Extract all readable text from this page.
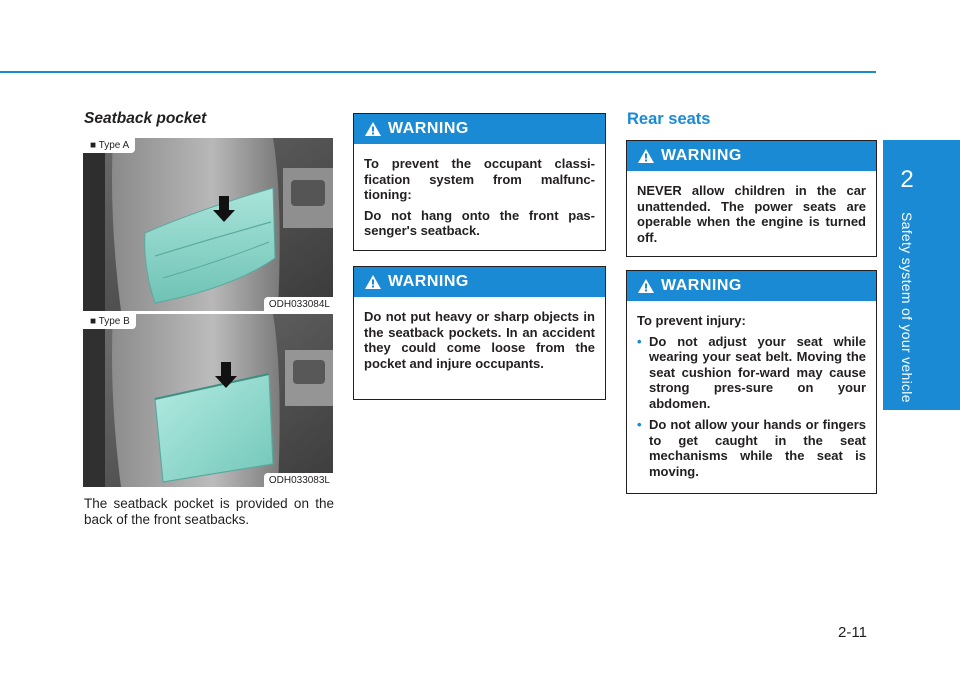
2
Safety system of your vehicle
Seatback pocket
■ Type A
ODH033084L
■ Type B
ODH033083L
The seatback pocket is provided on the back of the front seatbacks.
WARNING

To prevent the occupant classi-fication system from malfunc-tioning:

Do not hang onto the front pas-senger's seatback.

WARNING

Do not put heavy or sharp objects in the seatback pockets. In an accident they could come loose from the pocket and injure occupants.

Rear seats
WARNING

NEVER allow children in the car unattended. The power seats are operable when the engine is turned off.

WARNING

To prevent injury:

• Do not adjust your seat while wearing your seat belt. Moving the seat cushion for-ward may cause strong pres-sure on your abdomen.
• Do not allow your hands or fingers to get caught in the seat mechanisms while the seat is moving.
2-11
